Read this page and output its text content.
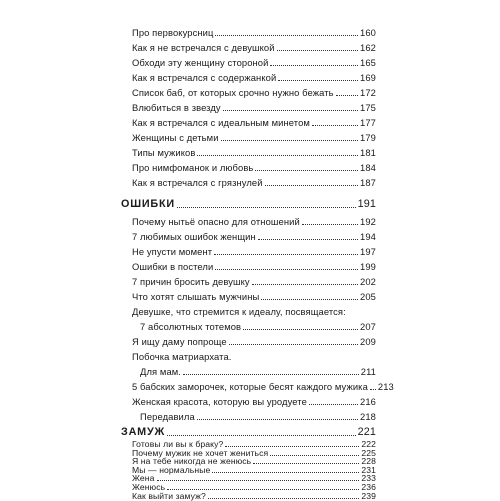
Про первокурсниц	160
Как я не встречался с девушкой	162
Обходи эту женщину стороной	165
Как я встречался с содержанкой	169
Список баб, от которых срочно нужно бежать	172
Влюбиться в звезду	175
Как я встречался с идеальным минетом	177
Женщины с детьми	179
Типы мужиков	181
Про нимфоманок и любовь	184
Как я встречался с грязнулей	187
ОШИБКИ	191
Почему нытьё опасно для отношений	192
7 любимых ошибок женщин	194
Не упусти момент	197
Ошибки в постели	199
7 причин бросить девушку	202
Что хотят слышать мужчины	205
Девушке, что стремится к идеалу, посвящается:
7 абсолютных тотемов	207
Я ищу даму попроще	209
Побочка матриархата.
Для мам.	211
5 бабских заморочек, которые бесят каждого мужика 213
Женская красота, которую вы уродуете	216
Передавила	218
ЗАМУЖ	221
Готовы ли вы к браку?	222
Почему мужик не хочет жениться	225
Я на тебе никогда не женюсь	228
Мы — нормальные	231
Жена	233
Женюсь	236
Как выйти замуж?	239
